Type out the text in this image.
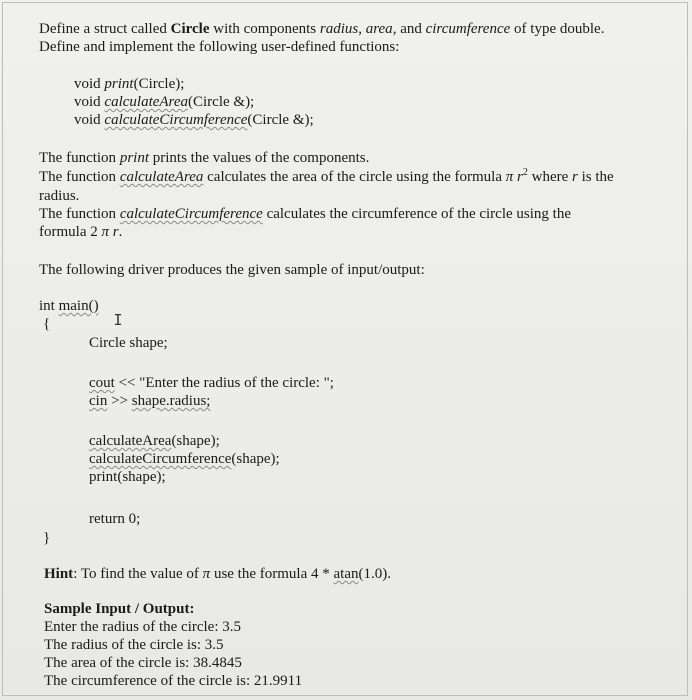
Define a struct called Circle with components radius, area, and circumference of type double.
Define and implement the following user-defined functions:
void print(Circle);
void calculateArea(Circle &);
void calculateCircumference(Circle &);
The function print prints the values of the components.
The function calculateArea calculates the area of the circle using the formula π $r^2$ where r is the
radius.
The function calculateCircumference calculates the circumference of the circle using the
formula 2 π r.
The following driver produces the given sample of input/output:
int main()
I
{
Circle shape;
cout << "Enter the radius of the circle: ";
cin >> shape.radius;
calculateArea(shape);
calculateCircumference(shape);
print(shape);
return 0;
}
Hint: To find the value of π use the formula 4 * atan(1.0).
Sample Input / Output:
Enter the radius of the circle: 3.5
The radius of the circle is: 3.5
The area of the circle is: 38.4845
The circumference of the circle is: 21.9911
